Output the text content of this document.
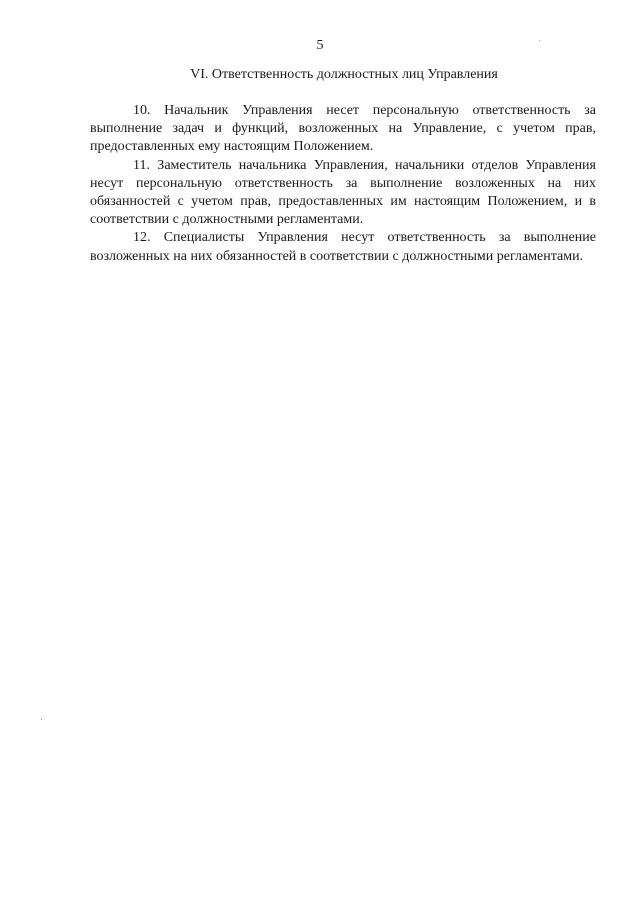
5
VI. Ответственность должностных лиц Управления

10. Начальник Управления несет персональную ответственность за выполнение задач и функций, возложенных на Управление, с учетом прав, предоставленных ему настоящим Положением.

11. Заместитель начальника Управления, начальники отделов Управления несут персональную ответственность за выполнение возложенных на них обязанностей с учетом прав, предоставленных им настоящим Положением, и в соответствии с должностными регламентами.

12. Специалисты Управления несут ответственность за выполнение возложенных на них обязанностей в соответствии с должностными регламентами.
